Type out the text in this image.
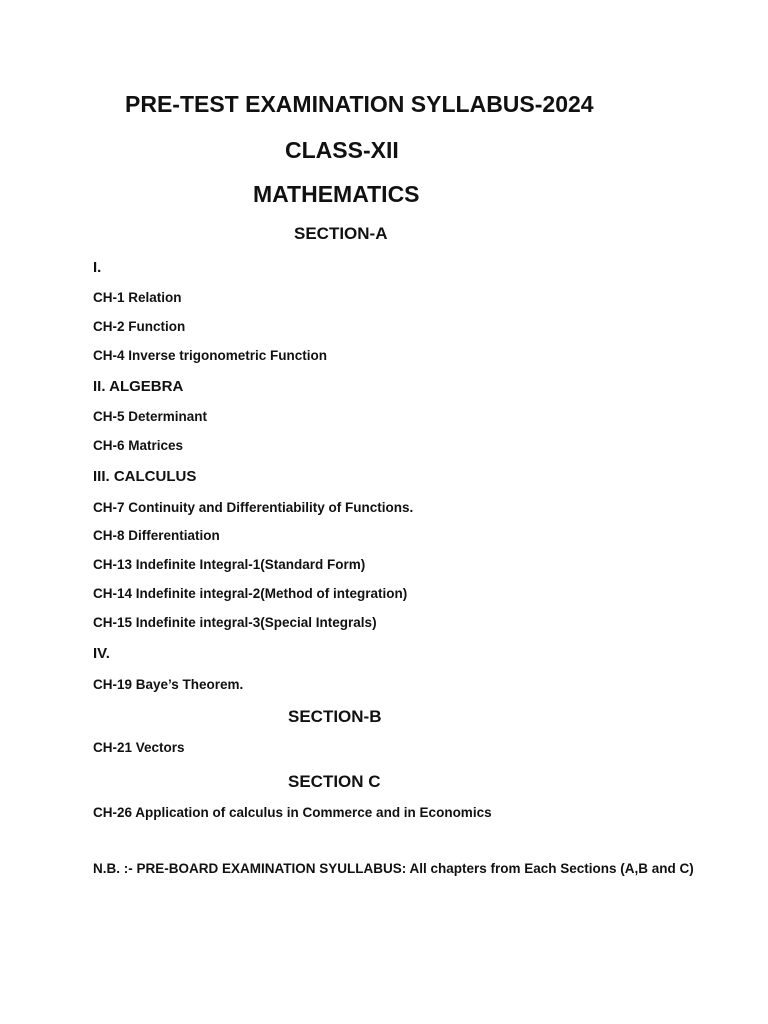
PRE-TEST EXAMINATION SYLLABUS-2024
CLASS-XII
MATHEMATICS
SECTION-A
I.
CH-1 Relation
CH-2 Function
CH-4 Inverse trigonometric Function
II. ALGEBRA
CH-5 Determinant
CH-6 Matrices
III. CALCULUS
CH-7 Continuity and Differentiability of Functions.
CH-8 Differentiation
CH-13 Indefinite Integral-1(Standard Form)
CH-14 Indefinite integral-2(Method of integration)
CH-15 Indefinite integral-3(Special Integrals)
IV.
CH-19 Baye’s Theorem.
SECTION-B
CH-21 Vectors
SECTION C
CH-26 Application of calculus in Commerce and in Economics
N.B. :- PRE-BOARD EXAMINATION SYULLABUS: All chapters from Each Sections (A,B and C)
